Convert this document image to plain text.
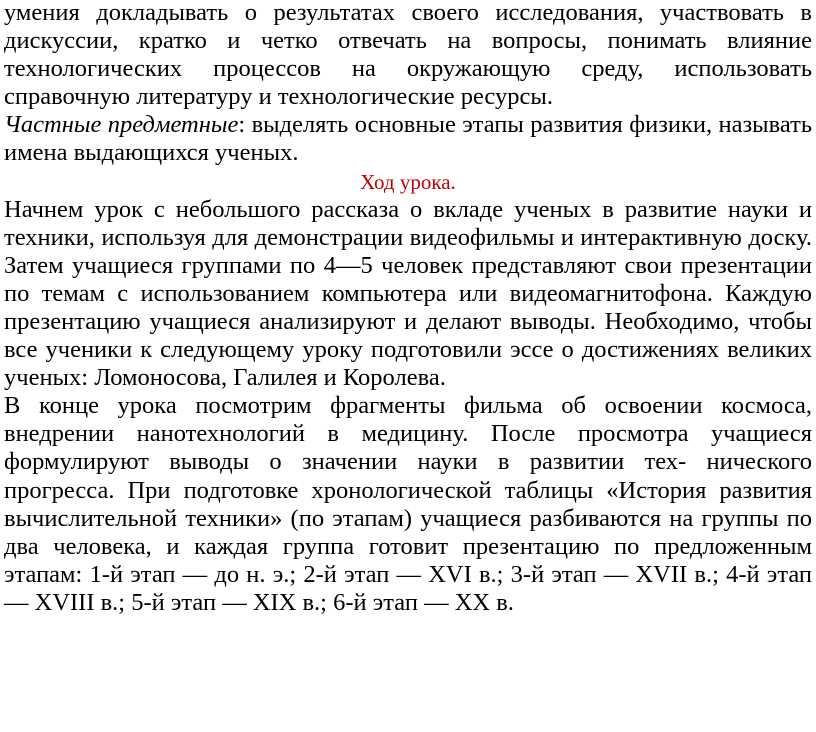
умения докладывать о результатах своего исследования, участвовать в дискуссии, кратко и четко отвечать на вопросы, понимать влияние технологических процессов на окружающую среду, использовать справочную литературу и технологические ресурсы.

Частные предметные: выделять основные этапы развития физики, называть имена выдающихся ученых.

Ход урока.

Начнем урок с небольшого рассказа о вкладе ученых в развитие науки и техники, используя для демонстрации видеофильмы и интерактивную доску. Затем учащиеся группами по 4—5 человек представляют свои презентации по темам с использованием компьютера или видеомагнитофона. Каждую презентацию учащиеся анализируют и делают выводы. Необходимо, чтобы все ученики к следующему уроку подготовили эссе о достижениях великих ученых: Ломоносова, Галилея и Королева.

В конце урока посмотрим фрагменты фильма об освоении космоса, внедрении нанотехнологий в медицину. После просмотра учащиеся формулируют выводы о значении науки в развитии тех- нического прогресса. При подготовке хронологической таблицы «История развития вычислительной техники» (по этапам) учащиеся разбиваются на группы по два человека, и каждая группа готовит презентацию по предложенным этапам: 1-й этап — до н. э.; 2-й этап — XVI в.; 3-й этап — XVII в.; 4-й этап — XVIII в.; 5-й этап — XIX в.; 6-й этап — XX в.
